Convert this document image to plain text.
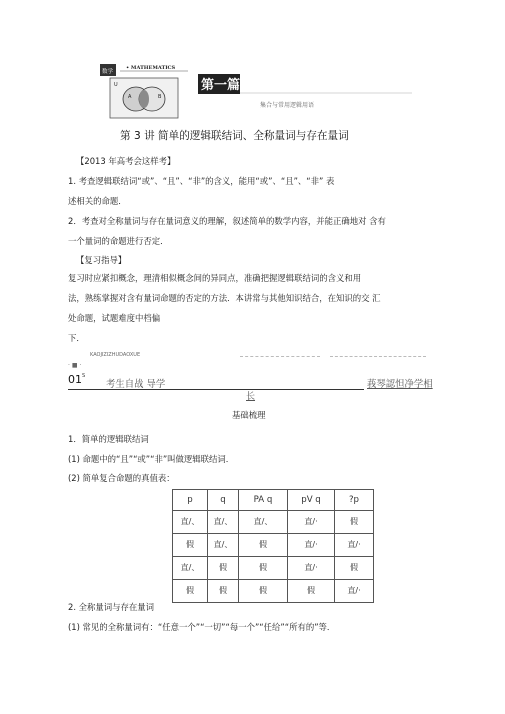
数学
• MATHEMATICS
U
A	B
第一篇
集合与常用逻辑用语
第 3 讲 简单的逻辑联结词、全称量词与存在量词
【2013 年高考会这样考】
1. 考查逻辑联结词“或”、“且”、“非”的含义，能用“或”、“且”、“非” 表
述相关的命题．
2．考查对全称量词与存在量词意义的理解，叙述简单的数学内容，并能正确地对 含有
一个量词的命题进行否定．
【复习指导】
复习时应紧扣概念，理清相似概念间的异同点，准确把握逻辑联结词的含义和用
法，熟练掌握对含有量词命题的否定的方法．本讲常与其他知识结合，在知识的交 汇
处命题，试题难度中档偏
下．
KAOJIZIZHUDAOXUE
· ■ ·
01 S
考生自战 导学	莪琴認怛净学相
长
基础梳理
1．简单的逻辑联结词
(1) 命题中的“且”“或”“非”叫做逻辑联结词．
(2) 简单复合命题的真值表：
p	q	PA q	pV q	?p
直/、	直/、	直/、	直/·	假
假	直/、	假	直/·	直/·
直/、	假	假	直/·	假
假	假	假	假	直/·
2. 全称量词与存在量词
(1) 常见的全称量词有：“任意一个”“一切”“每一个”“任给”“所有的”等．
